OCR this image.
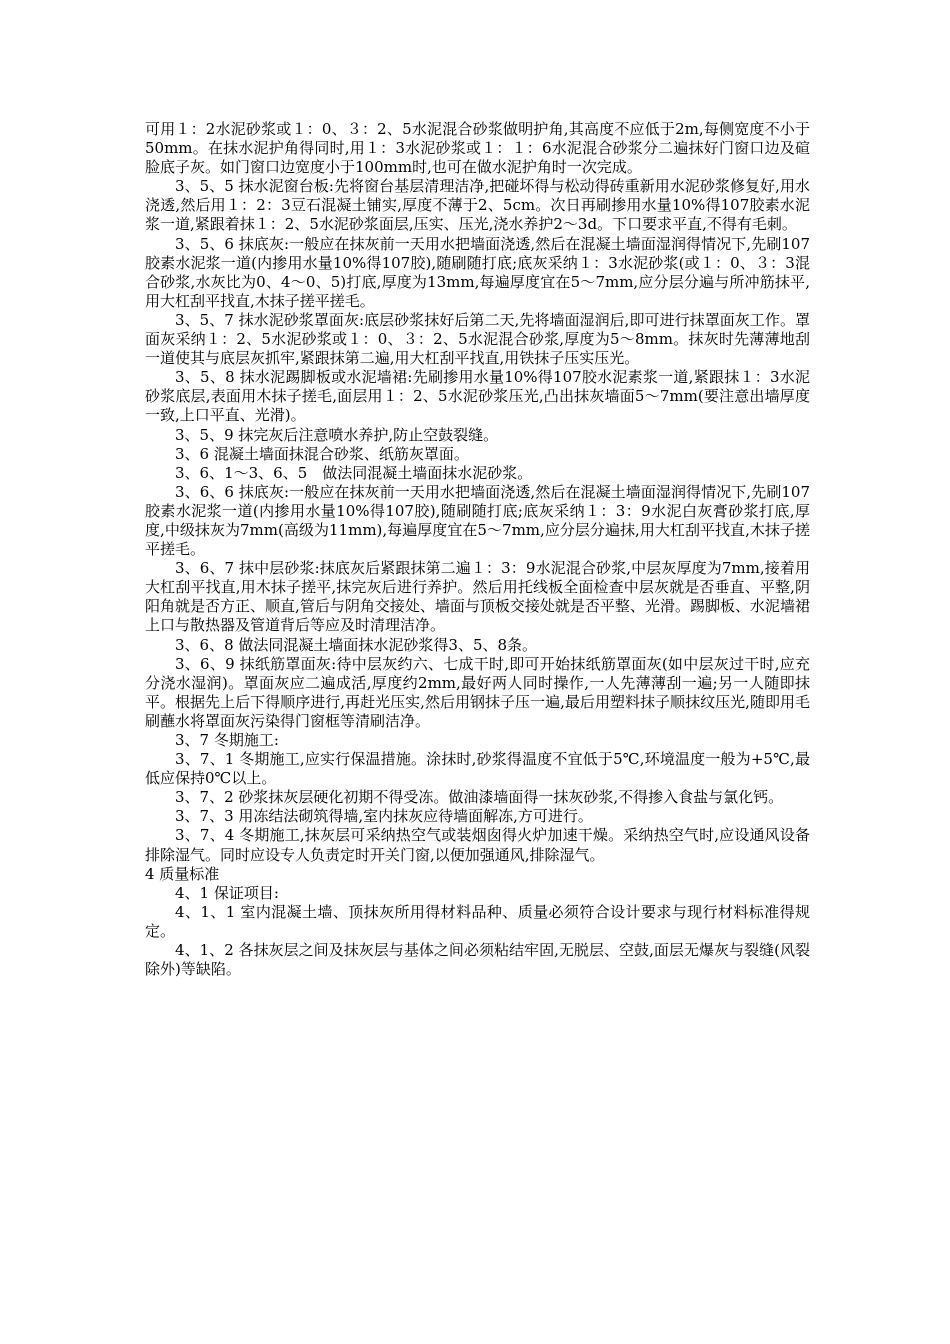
可用１：2水泥砂浆或１：0、３：2、5水泥混合砂浆做明护角,其高度不应低于2m,每侧宽度不小于50mm。在抹水泥护角得同时,用１：3水泥砂浆或１：１：6水泥混合砂浆分二遍抹好门窗口边及碹脸底子灰。如门窗口边宽度小于100mm时,也可在做水泥护角时一次完成。

3、5、5 抹水泥窗台板:先将窗台基层清理洁净,把碰坏得与松动得砖重新用水泥砂浆修复好,用水浇透,然后用１：2：3豆石混凝土铺实,厚度不薄于2、5cm。次日再刷掺用水量10%得107胶素水泥浆一道,紧跟着抹１：2、5水泥砂浆面层,压实、压光,浇水养护2～3d。下口要求平直,不得有毛刺。

3、5、6 抹底灰:一般应在抹灰前一天用水把墙面浇透,然后在混凝土墙面湿润得情况下,先刷107胶素水泥浆一道(内掺用水量10%得107胶),随刷随打底;底灰采纳１：3水泥砂浆(或１：0、３：3混合砂浆,水灰比为0、4～0、5)打底,厚度为13mm,每遍厚度宜在5～7mm,应分层分遍与所冲筋抹平,用大杠刮平找直,木抹子搓平搓毛。

3、5、7 抹水泥砂浆罩面灰:底层砂浆抹好后第二天,先将墙面湿润后,即可进行抹罩面灰工作。罩面灰采纳１：2、5水泥砂浆或１：0、３：2、5水泥混合砂浆,厚度为5～8mm。抹灰时先薄薄地刮一道使其与底层灰抓牢,紧跟抹第二遍,用大杠刮平找直,用铁抹子压实压光。

3、5、8 抹水泥踢脚板或水泥墙裙:先刷掺用水量10%得107胶水泥素浆一道,紧跟抹１：3水泥砂浆底层,表面用木抹子搓毛,面层用１：2、5水泥砂浆压光,凸出抹灰墙面5～7mm(要注意出墙厚度一致,上口平直、光滑)。

3、5、9 抹完灰后注意喷水养护,防止空鼓裂缝。

3、6 混凝土墙面抹混合砂浆、纸筋灰罩面。

3、6、1～3、6、5　做法同混凝土墙面抹水泥砂浆。

3、6、6 抹底灰:一般应在抹灰前一天用水把墙面浇透,然后在混凝土墙面湿润得情况下,先刷107胶素水泥浆一道(内掺用水量10%得107胶),随刷随打底;底灰采纳１：3：9水泥白灰膏砂浆打底,厚度,中级抹灰为7mm(高级为11mm),每遍厚度宜在5～7mm,应分层分遍抹,用大杠刮平找直,木抹子搓平搓毛。

3、6、7 抹中层砂浆:抹底灰后紧跟抹第二遍１：3：9水泥混合砂浆,中层灰厚度为7mm,接着用大杠刮平找直,用木抹子搓平,抹完灰后进行养护。然后用托线板全面检查中层灰就是否垂直、平整,阴阳角就是否方正、顺直,管后与阴角交接处、墙面与顶板交接处就是否平整、光滑。踢脚板、水泥墙裙上口与散热器及管道背后等应及时清理洁净。

3、6、8 做法同混凝土墙面抹水泥砂浆得3、5、8条。

3、6、9 抹纸筋罩面灰:待中层灰约六、七成干时,即可开始抹纸筋罩面灰(如中层灰过干时,应充分浇水湿润)。罩面灰应二遍成活,厚度约2mm,最好两人同时操作,一人先薄薄刮一遍;另一人随即抹平。根据先上后下得顺序进行,再赶光压实,然后用钢抹子压一遍,最后用塑料抹子顺抹纹压光,随即用毛刷蘸水将罩面灰污染得门窗框等清刷洁净。

3、7 冬期施工:

3、7、1 冬期施工,应实行保温措施。涂抹时,砂浆得温度不宜低于5℃,环境温度一般为+5℃,最低应保持0℃以上。

3、7、2 砂浆抹灰层硬化初期不得受冻。做油漆墙面得一抹灰砂浆,不得掺入食盐与氯化钙。

3、7、3 用冻结法砌筑得墙,室内抹灰应待墙面解冻,方可进行。

3、7、4 冬期施工,抹灰层可采纳热空气或装烟囱得火炉加速干燥。采纳热空气时,应设通风设备排除湿气。同时应设专人负责定时开关门窗,以便加强通风,排除湿气。

4 质量标准

4、1 保证项目:

4、1、1 室内混凝土墙、顶抹灰所用得材料品种、质量必须符合设计要求与现行材料标准得规定。

4、1、2 各抹灰层之间及抹灰层与基体之间必须粘结牢固,无脱层、空鼓,面层无爆灰与裂缝(风裂除外)等缺陷。
